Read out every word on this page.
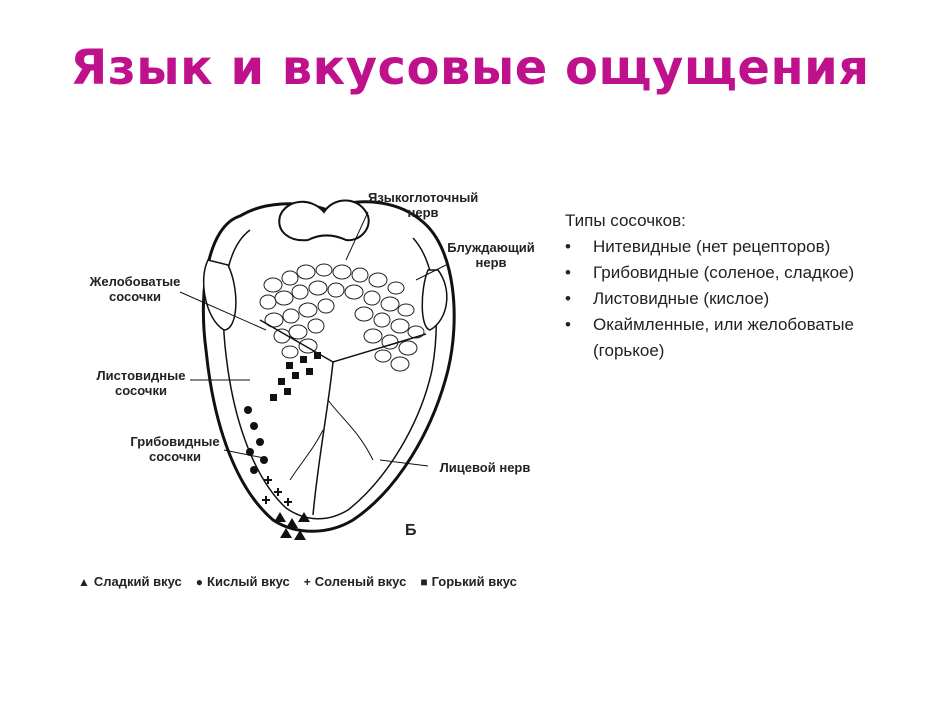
Язык и вкусовые ощущения
Языкоглоточный нерв
Блуждающий нерв
Желобоватые сосочки
Листовидные сосочки
Грибовидные сосочки
Лицевой нерв
Б
▲ Сладкий вкус ● Кислый вкус + Соленый вкус ■ Горький вкус

Типы сосочков:

• Нитевидные (нет рецепторов)
• Грибовидные (соленое, сладкое)
• Листовидные (кислое)
• Окаймленные, или желобоватые (горькое)
